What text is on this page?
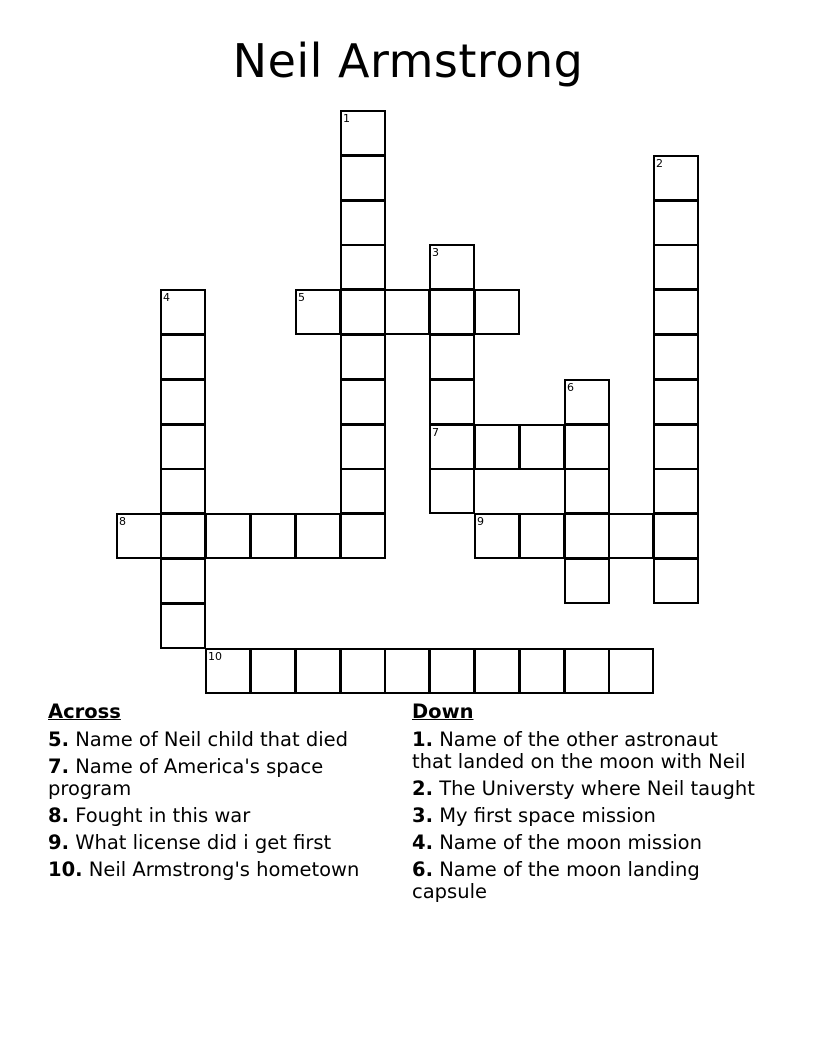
Neil Armstrong
1
2
3
4	5
6
7
8	9
10
Across
5. Name of Neil child that died
7. Name of America's space program
8. Fought in this war
9. What license did i get first
10. Neil Armstrong's hometown
Down
1. Name of the other astronaut that landed on the moon with Neil
2. The Universty where Neil taught
3. My first space mission
4. Name of the moon mission
6. Name of the moon landing capsule
